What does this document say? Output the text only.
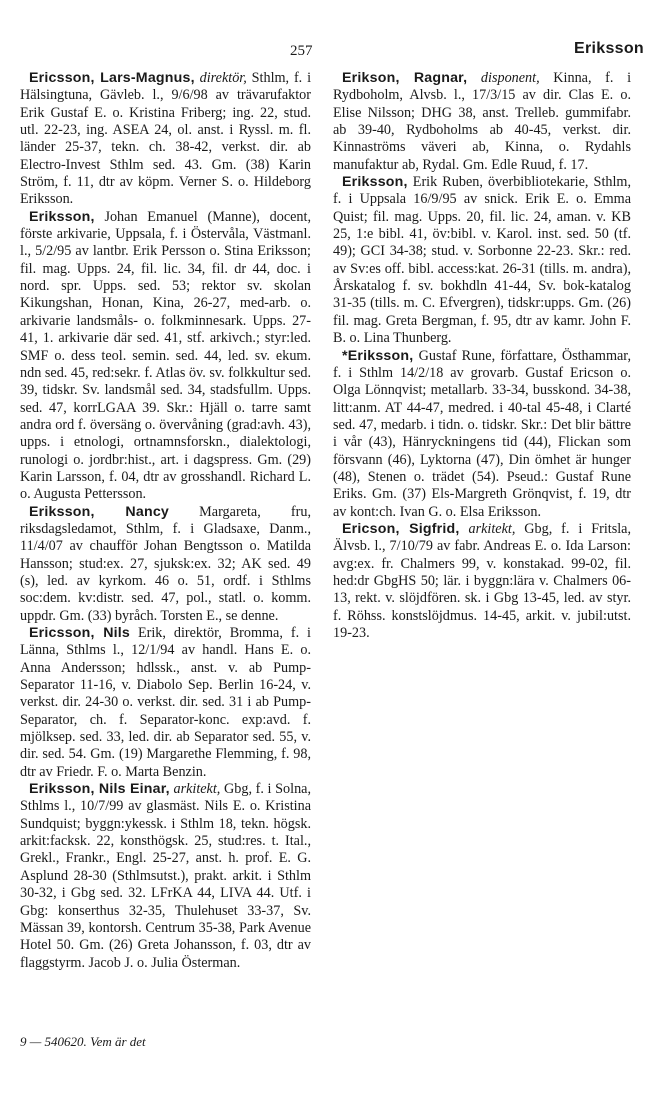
257	Eriksson

Ericsson, Lars-Magnus, direktör, Sthlm, f. i Hälsingtuna, Gävleb. l., 9/6/98 av trävarufaktor Erik Gustaf E. o. Kristina Friberg; ing. 22, stud. utl. 22-23, ing. ASEA 24, ol. anst. i Ryssl. m. fl. länder 25-37, tekn. ch. 38-42, verkst. dir. ab Electro-Invest Sthlm sed. 43. Gm. (38) Karin Ström, f. 11, dtr av köpm. Verner S. o. Hildeborg Eriksson.

Eriksson, Johan Emanuel (Manne), docent, förste arkivarie, Uppsala, f. i Östervåla, Västmanl. l., 5/2/95 av lantbr. Erik Persson o. Stina Eriksson; fil. mag. Upps. 24, fil. lic. 34, fil. dr 44, doc. i nord. spr. Upps. sed. 53; rektor sv. skolan Kikungshan, Honan, Kina, 26-27, med-arb. o. arkivarie landsmåls- o. folkminnesark. Upps. 27-41, 1. arkivarie där sed. 41, stf. arkivch.; styr:led. SMF o. dess teol. semin. sed. 44, led. sv. ekum. ndn sed. 45, red:sekr. f. Atlas öv. sv. folkkultur sed. 39, tidskr. Sv. landsmål sed. 34, stadsfullm. Upps. sed. 47, korrLGAA 39. Skr.: Hjäll o. tarre samt andra ord f. översäng o. övervåning (grad:avh. 43), upps. i etnologi, ortnamnsforskn., dialektologi, runologi o. jordbr:hist., art. i dagspress. Gm. (29) Karin Larsson, f. 04, dtr av grosshandl. Richard L. o. Augusta Pettersson.

Eriksson, Nancy Margareta, fru, riksdagsledamot, Sthlm, f. i Gladsaxe, Danm., 11/4/07 av chaufför Johan Bengtsson o. Matilda Hansson; stud:ex. 27, sjuksk:ex. 32; AK sed. 49 (s), led. av kyrkom. 46 o. 51, ordf. i Sthlms soc:dem. kv:distr. sed. 47, pol., statl. o. komm. uppdr. Gm. (33) byråch. Torsten E., se denne.

Ericsson, Nils Erik, direktör, Bromma, f. i Länna, Sthlms l., 12/1/94 av handl. Hans E. o. Anna Andersson; hdlssk., anst. v. ab Pump-Separator 11-16, v. Diabolo Sep. Berlin 16-24, v. verkst. dir. 24-30 o. verkst. dir. sed. 31 i ab Pump-Separator, ch. f. Separator-konc. exp:avd. f. mjölksep. sed. 33, led. dir. ab Separator sed. 55, v. dir. sed. 54. Gm. (19) Margarethe Flemming, f. 98, dtr av Friedr. F. o. Marta Benzin.

Eriksson, Nils Einar, arkitekt, Gbg, f. i Solna, Sthlms l., 10/7/99 av glasmäst. Nils E. o. Kristina Sundquist; byggn:ykessk. i Sthlm 18, tekn. högsk. arkit:facksk. 22, konsthögsk. 25, stud:res. t. Ital., Grekl., Frankr., Engl. 25-27, anst. h. prof. E. G. Asplund 28-30 (Sthlmsutst.), prakt. arkit. i Sthlm 30-32, i Gbg sed. 32. LFrKA 44, LIVA 44. Utf. i Gbg: konserthus 32-35, Thulehuset 33-37, Sv. Mässan 39, kontorsh. Centrum 35-38, Park Avenue Hotel 50. Gm. (26) Greta Johansson, f. 03, dtr av flaggstyrm. Jacob J. o. Julia Österman.

Erikson, Ragnar, disponent, Kinna, f. i Rydboholm, Alvsb. l., 17/3/15 av dir. Clas E. o. Elise Nilsson; DHG 38, anst. Trelleb. gummifabr. ab 39-40, Rydboholms ab 40-45, verkst. dir. Kinnaströms väveri ab, Kinna, o. Rydahls manufaktur ab, Rydal. Gm. Edle Ruud, f. 17.

Eriksson, Erik Ruben, överbibliotekarie, Sthlm, f. i Uppsala 16/9/95 av snick. Erik E. o. Emma Quist; fil. mag. Upps. 20, fil. lic. 24, aman. v. KB 25, 1:e bibl. 41, öv:bibl. v. Karol. inst. sed. 50 (tf. 49); GCI 34-38; stud. v. Sorbonne 22-23. Skr.: red. av Sv:es off. bibl. access:kat. 26-31 (tills. m. andra), Årskatalog f. sv. bokhdln 41-44, Sv. bok-katalog 31-35 (tills. m. C. Efvergren), tidskr:upps. Gm. (26) fil. mag. Greta Bergman, f. 95, dtr av kamr. John F. B. o. Lina Thunberg.

*Eriksson, Gustaf Rune, författare, Östhammar, f. i Sthlm 14/2/18 av grovarb. Gustaf Ericson o. Olga Lönnqvist; metallarb. 33-34, busskond. 34-38, litt:anm. AT 44-47, medred. i 40-tal 45-48, i Clarté sed. 47, medarb. i tidn. o. tidskr. Skr.: Det blir bättre i vår (43), Hänryckningens tid (44), Flickan som försvann (46), Lyktorna (47), Din ömhet är hunger (48), Stenen o. trädet (54). Pseud.: Gustaf Rune Eriks. Gm. (37) Els-Margreth Grönqvist, f. 19, dtr av kont:ch. Ivan G. o. Elsa Eriksson.

Ericson, Sigfrid, arkitekt, Gbg, f. i Fritsla, Älvsb. l., 7/10/79 av fabr. Andreas E. o. Ida Larson: avg:ex. fr. Chalmers 99, v. konstakad. 99-02, fil. hed:dr GbgHS 50; lär. i byggn:lära v. Chalmers 06-13, rekt. v. slöjdfören. sk. i Gbg 13-45, led. av styr. f. Röhss. konstslöjdmus. 14-45, arkit. v. jubil:utst. 19-23.

9 — 540620. Vem är det
